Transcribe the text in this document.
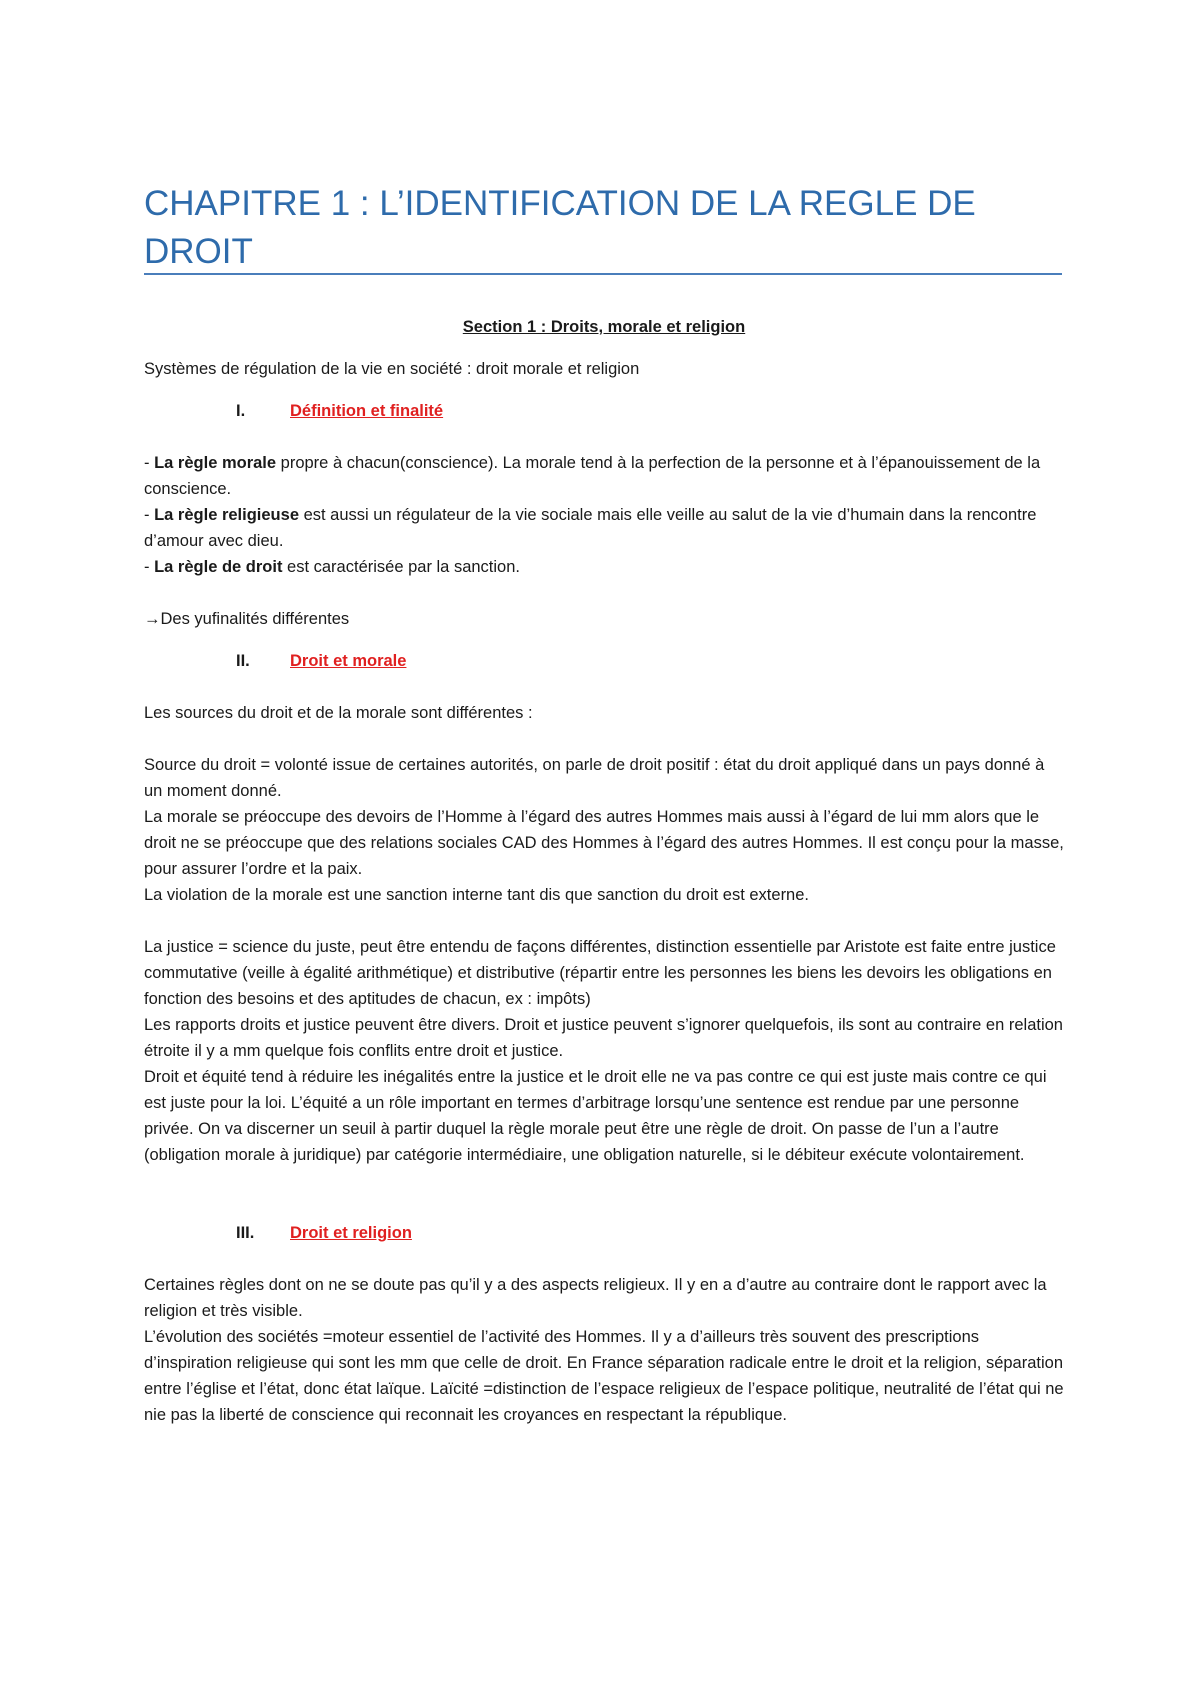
CHAPITRE 1 : L’IDENTIFICATION DE LA REGLE DE DROIT

Section 1 : Droits, morale et religion

Systèmes de régulation de la vie en société : droit morale et religion

I.	Définition et finalité

- La règle morale propre à chacun(conscience). La morale tend à la perfection de la personne et à l’épanouissement de la conscience.

- La règle religieuse est aussi un régulateur de la vie sociale mais elle veille au salut de la vie d’humain dans la rencontre d’amour avec dieu.

- La règle de droit est caractérisée par la sanction.

→Des yufinalités différentes

II. Droit et morale

Les sources du droit et de la morale sont différentes :

Source du droit = volonté issue de certaines autorités, on parle de droit positif : état du droit appliqué dans un pays donné à un moment donné.

La morale se préoccupe des devoirs de l’Homme à l’égard des autres Hommes mais aussi à l’égard de lui mm alors que le droit ne se préoccupe que des relations sociales CAD des Hommes à l’égard des autres Hommes. Il est conçu pour la masse, pour assurer l’ordre et la paix.

La violation de la morale est une sanction interne tant dis que sanction du droit est externe.

La justice = science du juste, peut être entendu de façons différentes, distinction essentielle par Aristote est faite entre justice commutative (veille à égalité arithmétique) et distributive (répartir entre les personnes les biens les devoirs les obligations en fonction des besoins et des aptitudes de chacun, ex : impôts)

Les rapports droits et justice peuvent être divers. Droit et justice peuvent s’ignorer quelquefois, ils sont au contraire en relation étroite il y a mm quelque fois conflits entre droit et justice.

Droit et équité tend à réduire les inégalités entre la justice et le droit elle ne va pas contre ce qui est juste mais contre ce qui est juste pour la loi. L’équité a un rôle important en termes d’arbitrage lorsqu’une sentence est rendue par une personne privée. On va discerner un seuil à partir duquel la règle morale peut être une règle de droit. On passe de l’un a l’autre (obligation morale à juridique) par catégorie intermédiaire, une obligation naturelle, si le débiteur exécute volontairement.

III. Droit et religion

Certaines règles dont on ne se doute pas qu’il y a des aspects religieux. Il y en a d’autre au contraire dont le rapport avec la religion et très visible.

L’évolution des sociétés =moteur essentiel de l’activité des Hommes. Il y a d’ailleurs très souvent des prescriptions d’inspiration religieuse qui sont les mm que celle de droit. En France séparation radicale entre le droit et la religion, séparation entre l’église et l’état, donc état laïque. Laïcité =distinction de l’espace religieux de l’espace politique, neutralité de l’état qui ne nie pas la liberté de conscience qui reconnait les croyances en respectant la république.
